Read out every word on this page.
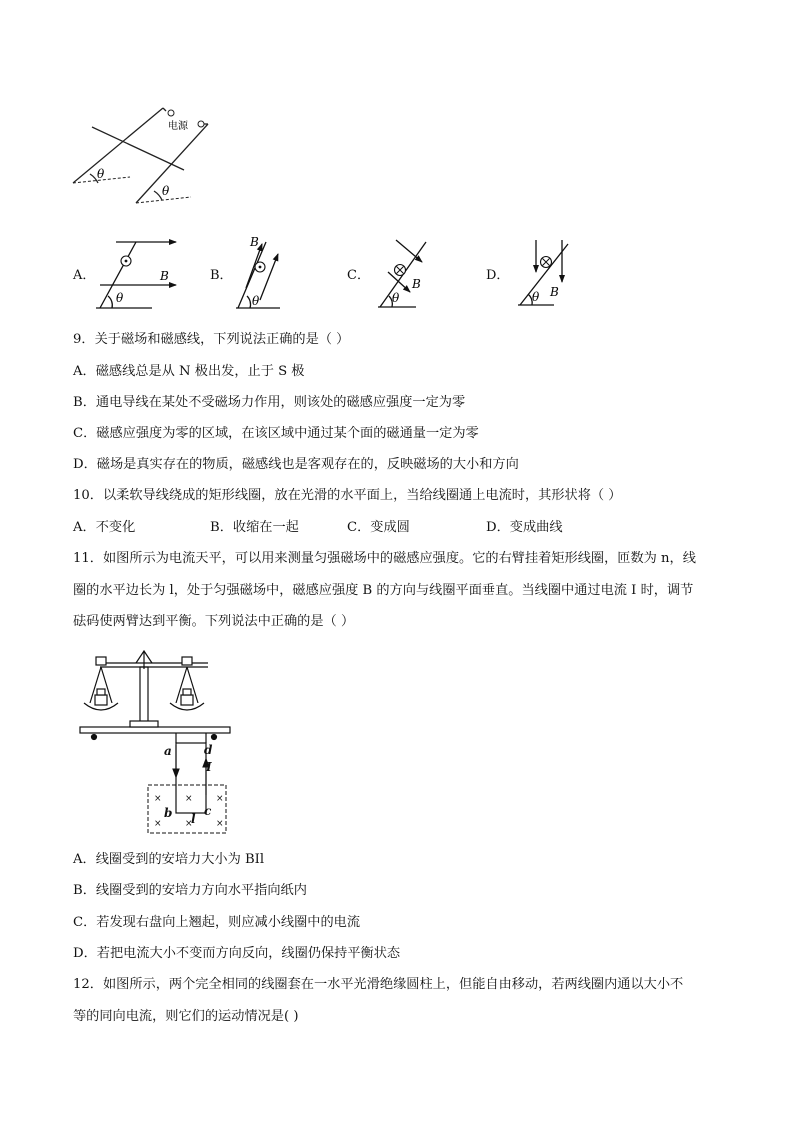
电源
θ
θ
A．	B
θ
B．
B
θ
C．
B
θ
D．
B
θ
9．关于磁场和磁感线，下列说法正确的是（ ）
A．磁感线总是从 N 极出发，止于 S 极
B．通电导线在某处不受磁场力作用，则该处的磁感应强度一定为零
C．磁感应强度为零的区域，在该区域中通过某个面的磁通量一定为零
D．磁场是真实存在的物质，磁感线也是客观存在的，反映磁场的大小和方向
10．以柔软导线绕成的矩形线圈，放在光滑的水平面上，当给线圈通上电流时，其形状将（ ）
A．不变化	B．收缩在一起	C．变成圆	D．变成曲线
11．如图所示为电流天平，可以用来测量匀强磁场中的磁感应强度。它的右臂挂着矩形线圈，匝数为 n，线
圈的水平边长为 l，处于匀强磁场中，磁感应强度 B 的方向与线圈平面垂直。当线圈中通过电流 I 时，调节
砝码使两臂达到平衡。下列说法中正确的是（ ）
×	×	×
×	×	×
a	d
I
b	c
l
A．线圈受到的安培力大小为 BIl
B．线圈受到的安培力方向水平指向纸内
C．若发现右盘向上翘起，则应减小线圈中的电流
D．若把电流大小不变而方向反向，线圈仍保持平衡状态
12．如图所示，两个完全相同的线圈套在一水平光滑绝缘圆柱上，但能自由移动，若两线圈内通以大小不
等的同向电流，则它们的运动情况是( )
